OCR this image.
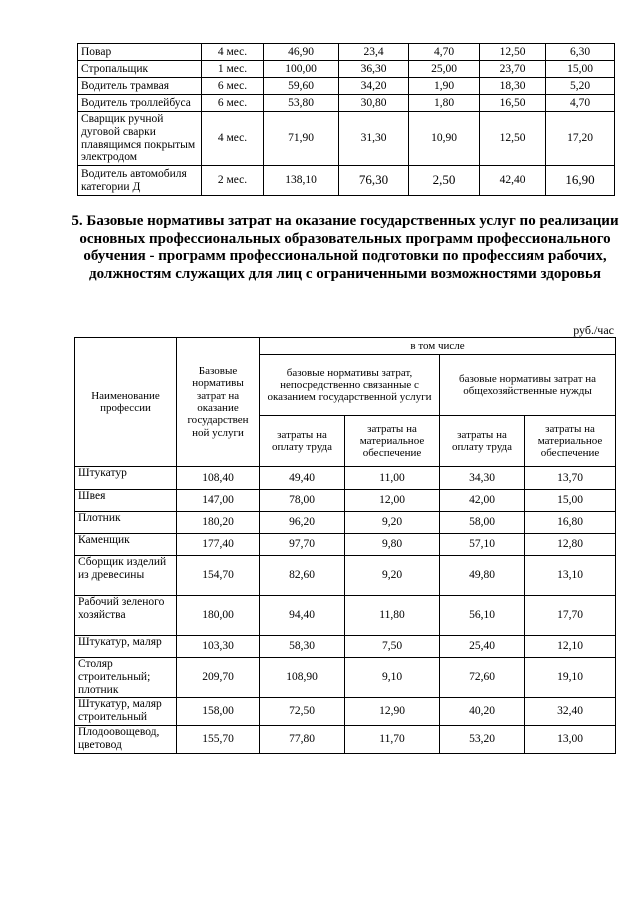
Повар	4 мес.	46,90	23,4	4,70	12,50	6,30
Стропальщик	1 мес.	100,00	36,30	25,00	23,70	15,00
Водитель трамвая	6 мес.	59,60	34,20	1,90	18,30	5,20
Водитель троллейбуса	6 мес.	53,80	30,80	1,80	16,50	4,70
Сварщик ручной дуговой сварки плавящимся покрытым электродом	4 мес.	71,90	31,30	10,90	12,50	17,20
Водитель автомобиля категории Д	2 мес.	138,10	76,30	2,50	42,40	16,90
5. Базовые нормативы затрат на оказание государственных услуг по реализации основных профессиональных образовательных программ профессионального обучения - программ профессиональной подготовки по профессиям рабочих, должностям служащих для лиц с ограниченными возможностями здоровья
руб./час
Наименование профессии	Базовые нормативы затрат на оказание государствен ной услуги	в том числе			
		базовые нормативы затрат, непосредственно связанные с оказанием государственной услуги		базовые нормативы затрат на общехозяйственные нужды	
		затраты на оплату труда	затраты на материальное обеспечение	затраты на оплату труда	затраты на материальное обеспечение
Штукатур	108,40	49,40	11,00	34,30	13,70
Швея	147,00	78,00	12,00	42,00	15,00
Плотник	180,20	96,20	9,20	58,00	16,80
Каменщик	177,40	97,70	9,80	57,10	12,80
Сборщик изделий из древесины	154,70	82,60	9,20	49,80	13,10
Рабочий зеленого хозяйства	180,00	94,40	11,80	56,10	17,70
Штукатур, маляр	103,30	58,30	7,50	25,40	12,10
Столяр строительный; плотник	209,70	108,90	9,10	72,60	19,10
Штукатур, маляр строительный	158,00	72,50	12,90	40,20	32,40
Плодоовощевод, цветовод	155,70	77,80	11,70	53,20	13,00
